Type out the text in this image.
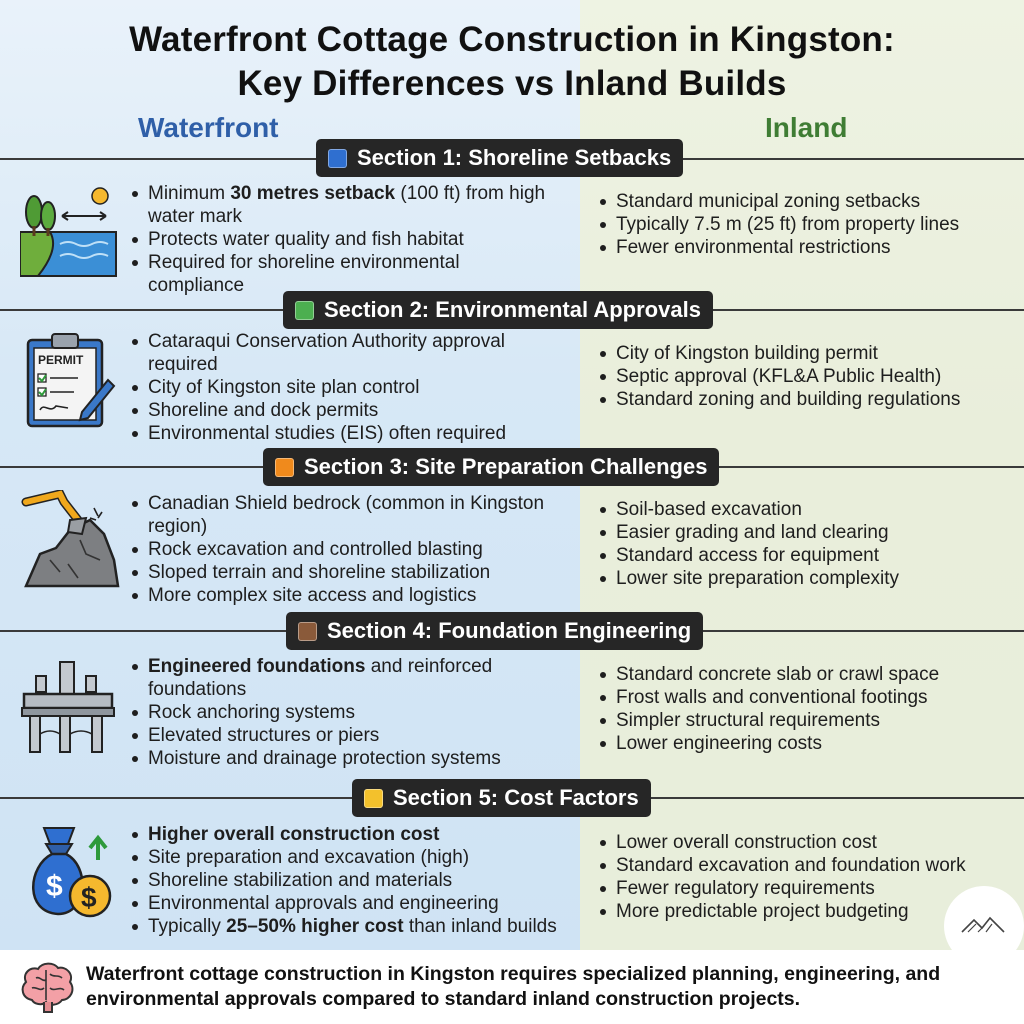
Waterfront Cottage Construction in Kingston:
Key Differences vs Inland Builds
Waterfront	Inland
Section 1: Shoreline Setbacks
Minimum 30 metres setback (100 ft) from high water mark
Protects water quality and fish habitat
Required for shoreline environmental compliance
Standard municipal zoning setbacks
Typically 7.5 m (25 ft) from property lines
Fewer environmental restrictions
Section 2: Environmental Approvals
PERMIT
Cataraqui Conservation Authority approval required
City of Kingston site plan control
Shoreline and dock permits
Environmental studies (EIS) often required
City of Kingston building permit
Septic approval (KFL&A Public Health)
Standard zoning and building regulations
Section 3: Site Preparation Challenges
Canadian Shield bedrock (common in Kingston region)
Rock excavation and controlled blasting
Sloped terrain and shoreline stabilization
More complex site access and logistics
Soil-based excavation
Easier grading and land clearing
Standard access for equipment
Lower site preparation complexity
Section 4: Foundation Engineering
Engineered foundations and reinforced foundations
Rock anchoring systems
Elevated structures or piers
Moisture and drainage protection systems
Standard concrete slab or crawl space
Frost walls and conventional footings
Simpler structural requirements
Lower engineering costs
Section 5: Cost Factors
$ $
Higher overall construction cost
Site preparation and excavation (high)
Shoreline stabilization and materials
Environmental approvals and engineering
Typically 25–50% higher cost than inland builds
Lower overall construction cost
Standard excavation and foundation work
Fewer regulatory requirements
More predictable project budgeting
Waterfront cottage construction in Kingston requires specialized planning, engineering, and environmental approvals compared to standard inland construction projects.
